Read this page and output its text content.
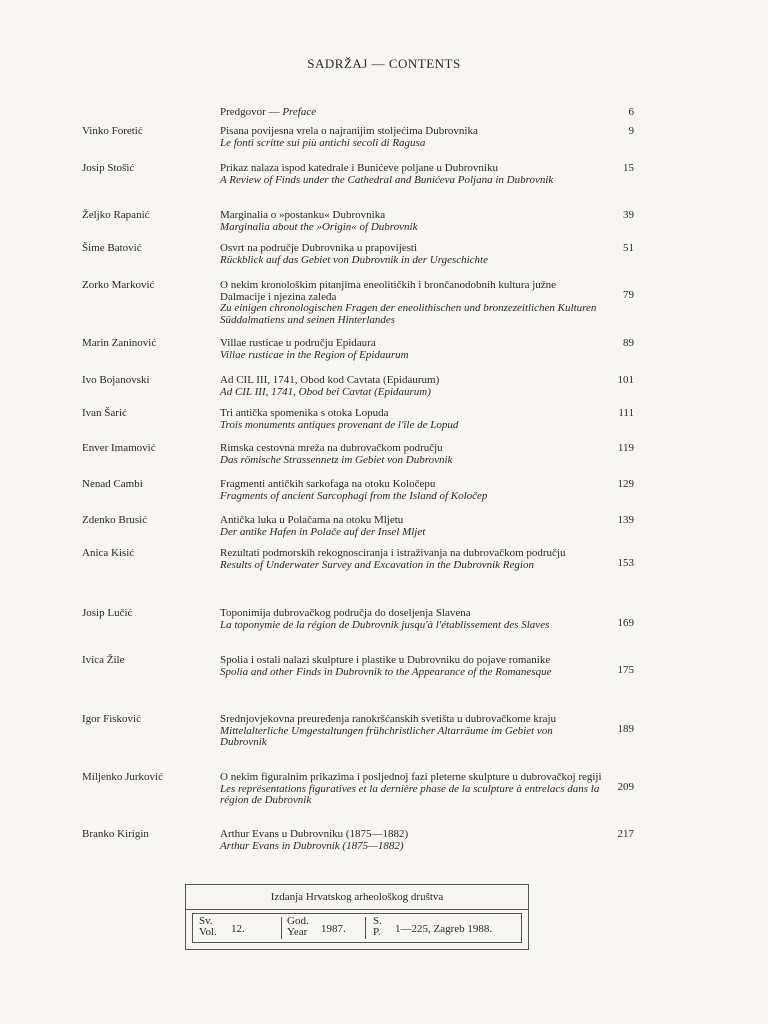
SADRŽAJ — CONTENTS
Predgovor — Preface	6
Vinko Foretić	Pisana povijesna vrela o najranijim stoljećima Dubrovnika
Le fonti scritte sui più antichi secoli di Ragusa
9
Josip Stošić	Prikaz nalaza ispod katedrale i Bunićeve poljane u Dubrovniku
A Review of Finds under the Cathedral and Bunićeva Poljana in Dubrovnik
15
Željko Rapanić	Marginalia o »postanku« Dubrovnika
Marginalia about the »Origin« of Dubrovnik
39
Šime Batović	Osvrt na područje Dubrovnika u prapovijesti
Rückblick auf das Gebiet von Dubrovnik in der Urgeschichte
51
Zorko Marković	O nekim kronološkim pitanjima eneolitičkih i brončanodobnih kultura južne Dalmacije i njezina zaleđa
Zu einigen chronologischen Fragen der eneolithischen und bronzezeitlichen Kulturen Süddalmatiens und seinen Hinterlandes
79
Marin Zaninović	Villae rusticae u području Epidaura
Villae rusticae in the Region of Epidaurum
89
Ivo Bojanovski	Ad CIL III, 1741, Obod kod Cavtata (Epidaurum)
Ad CIL III, 1741, Obod bei Cavtat (Epidaurum)
101
Ivan Šarić	Tri antička spomenika s otoka Lopuda
Trois monuments antiques provenant de l'île de Lopud
111
Enver Imamović	Rimska cestovna mreža na dubrovačkom području
Das römische Strassennetz im Gebiet von Dubrovnik
119
Nenad Cambi	Fragmenti antičkih sarkofaga na otoku Koločepu
Fragments of ancient Sarcophagi from the Island of Koločep
129
Zdenko Brusić	Antička luka u Polačama na otoku Mljetu
Der antike Hafen in Polače auf der Insel Mljet
139
Anica Kisić	Rezultati podmorskih rekognosciranja i istraživanja na dubrovačkom području
Results of Underwater Survey and Excavation in the Dubrovnik Region	153
Josip Lučić	Toponimija dubrovačkog područja do doseljenja Slavena
La toponymie de la région de Dubrovnik jusqu'à l'établissement des Slaves	169
Ivica Žile	Spolia i ostali nalazi skulpture i plastike u Dubrovniku do pojave romanike
Spolia and other Finds in Dubrovnik to the Appearance of the Romanesque	175
Igor Fisković	Srednjovjekovna preuređenja ranokršćanskih svetišta u dubrovačkome kraju
Mittelalterliche Umgestaltungen frühchristlicher Altarräume im Gebiet von Dubrovnik
189
Miljenko Jurković	O nekim figuralnim prikazima i posljednoj fazi pleterne skulpture u dubrovačkoj regiji
Les représentations figuratives et la dernière phase de la sculpture à entrelacs dans la région de Dubrovnik
209
Branko Kirigin	Arthur Evans u Dubrovniku (1875—1882)
Arthur Evans in Dubrovnik (1875—1882)
217
Izdanja Hrvatskog arheološkog društva
Sv.
Vol. 12.
God.
Year 1987.
S.
P. 1—225, Zagreb 1988.
